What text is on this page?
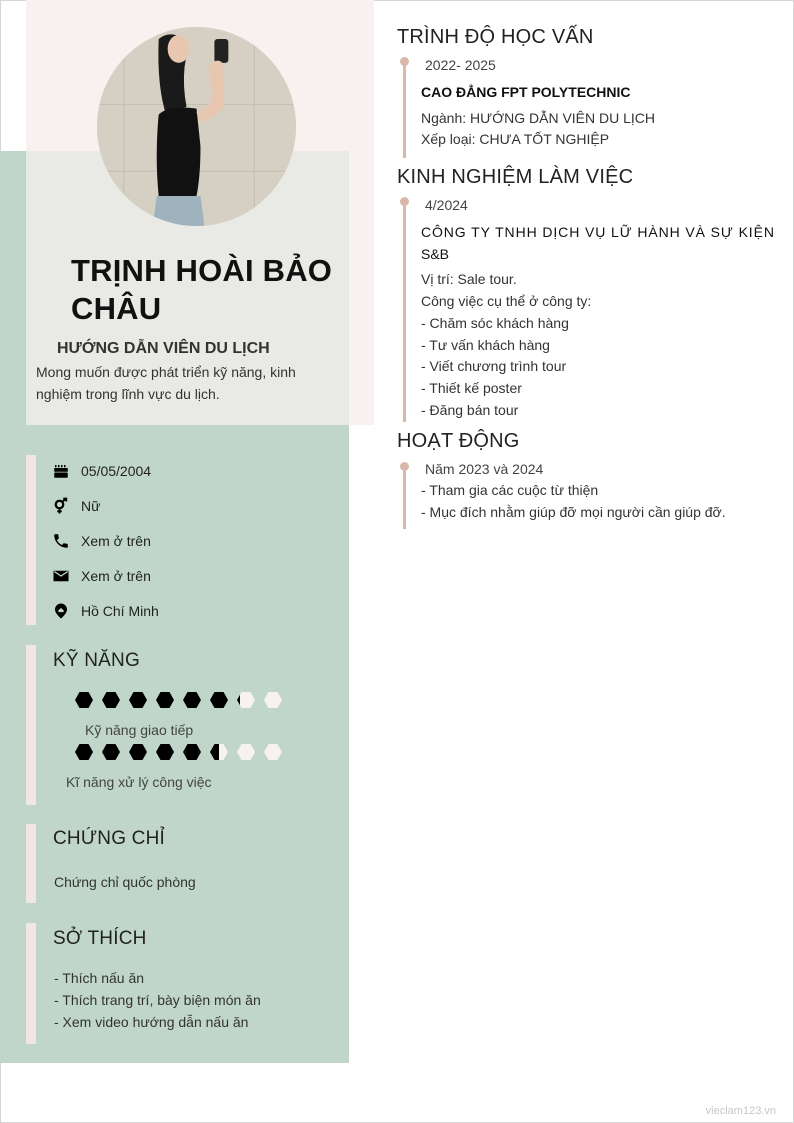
TRỊNH HOÀI BẢO CHÂU
HƯỚNG DẪN VIÊN DU LỊCH
Mong muốn được phát triển kỹ năng, kinh nghiệm trong lĩnh vực du lịch.
05/05/2004
Nữ
Xem ở trên
Xem ở trên
Hồ Chí Minh
KỸ NĂNG
Kỹ năng giao tiếp
Kĩ năng xử lý công việc
CHỨNG CHỈ
Chứng chỉ quốc phòng
SỞ THÍCH
- Thích nấu ăn
- Thích trang trí, bày biện món ăn
- Xem video hướng dẫn nấu ăn
TRÌNH ĐỘ HỌC VẤN
2022- 2025
CAO ĐẲNG FPT POLYTECHNIC
Ngành: HƯỚNG DẪN VIÊN DU LỊCH
Xếp loại: CHƯA TỐT NGHIỆP
KINH NGHIỆM LÀM VIỆC
4/2024
CÔNG TY TNHH DỊCH VỤ LỮ HÀNH VÀ SỰ KIỆN
S&B
Vị trí: Sale tour.
Công việc cụ thể ở công ty:
- Chăm sóc khách hàng
- Tư vấn khách hàng
- Viết chương trình tour
- Thiết kế poster
- Đăng bán tour
HOẠT ĐỘNG
Năm 2023 và 2024
- Tham gia các cuộc từ thiện
- Mục đích nhằm giúp đỡ mọi người cần giúp đỡ.
vieclam123.vn
